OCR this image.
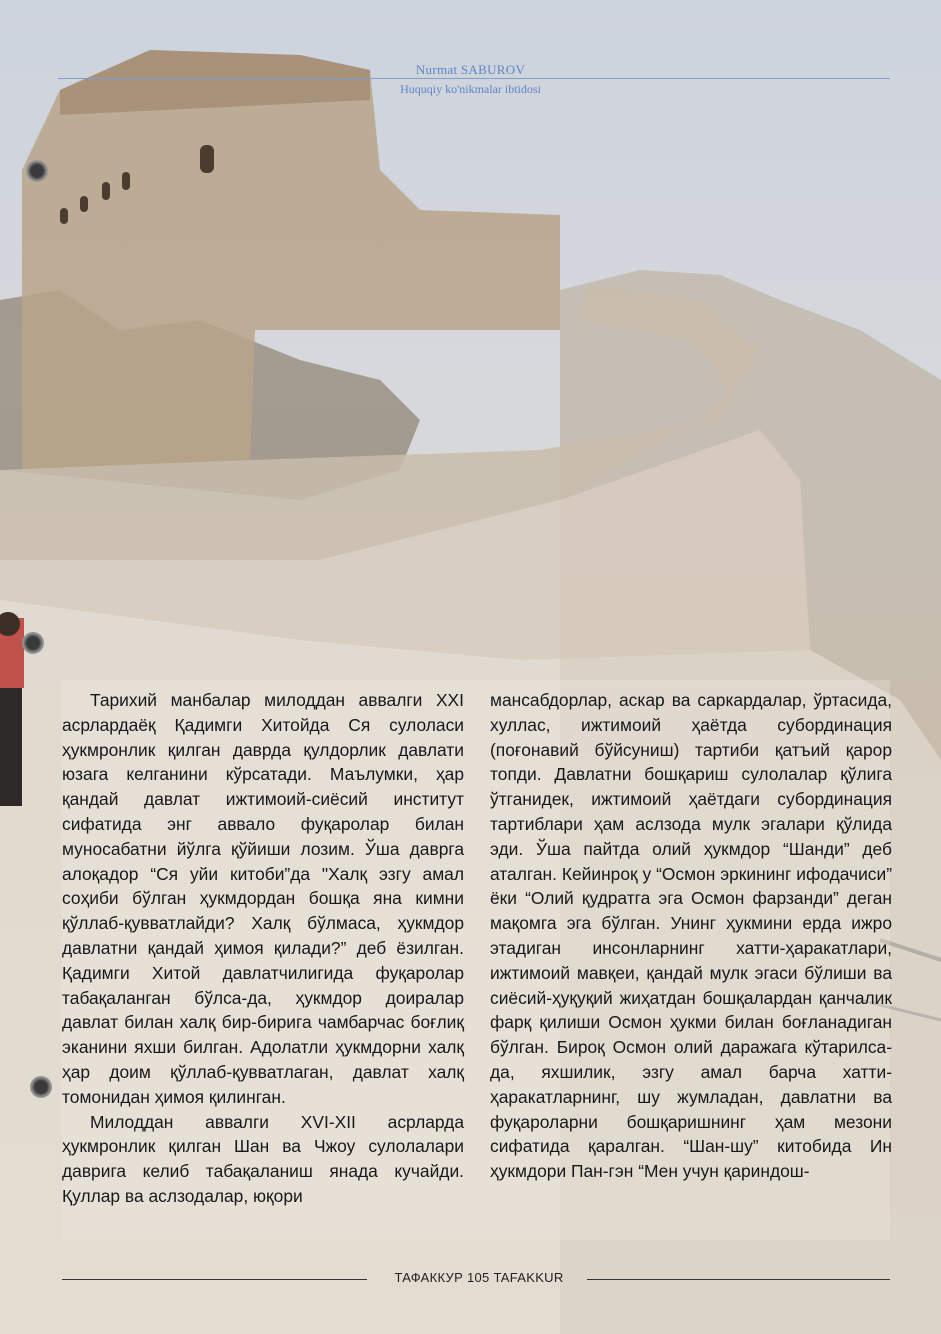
Nurmat SABUROV
Huquqiy ko'nikmalar ibtidosi

Тарихий манбалар милоддан аввалги XXI асрлардаёқ Қадимги Хитойда Ся сулоласи ҳукмронлик қилган даврда қулдорлик давлати юзага келганини кўрсатади. Маълумки, ҳар қандай давлат ижтимоий-сиёсий институт сифатида энг аввало фуқаролар билан муносабатни йўлга қўйиши лозим. Ўша даврга алоқадор “Ся уйи китоби”да "Халқ эзгу амал соҳиби бўлган ҳукмдордан бошқа яна кимни қўллаб-қувватлайди? Халқ бўлмаса, ҳукмдор давлатни қандай ҳимоя қилади?” деб ёзилган. Қадимги Хитой давлатчилигида фуқаролар табақаланган бўлса-да, ҳукмдор доиралар давлат билан халқ бир-бирига чамбарчас боғлиқ эканини яхши билган. Адолатли ҳукмдорни халқ ҳар доим қўллаб-қувватлаган, давлат халқ томонидан ҳимоя қилинган.

Милоддан аввалги XVI-XII асрларда ҳукмронлик қилган Шан ва Чжоу сулолалари даврига келиб табақаланиш янада кучайди. Қуллар ва аслзодалар, юқори

мансабдорлар, аскар ва саркардалар, ўртасида, хуллас, ижтимоий ҳаётда субординация (поғонавий бўйсуниш) тартиби қатъий қарор топди. Давлатни бошқариш сулолалар қўлига ўтганидек, ижтимоий ҳаётдаги субординация тартиблари ҳам аслзода мулк эгалари қўлида эди. Ўша пайтда олий ҳукмдор “Шанди” деб аталган. Кейинроқ у “Осмон эркининг ифодачиси” ёки “Олий қудратга эга Осмон фарзанди” деган мақомга эга бўлган. Унинг ҳукмини ерда ижро этадиган инсонларнинг хатти-ҳаракатлари, ижтимоий мавқеи, қандай мулк эгаси бўлиши ва сиёсий-ҳуқуқий жиҳатдан бошқалардан қанчалик фарқ қилиши Осмон ҳукми билан боғланадиган бўлган. Бироқ Осмон олий даражага кўтарилса-да, яхшилик, эзгу амал барча хатти-ҳаракатларнинг, шу жумладан, давлатни ва фуқароларни бошқаришнинг ҳам мезони сифатида қаралган. “Шан-шу” китобида Ин ҳукмдори Пан-гэн “Мен учун қариндош-

ТАФАККУР 105 TAFAKKUR
